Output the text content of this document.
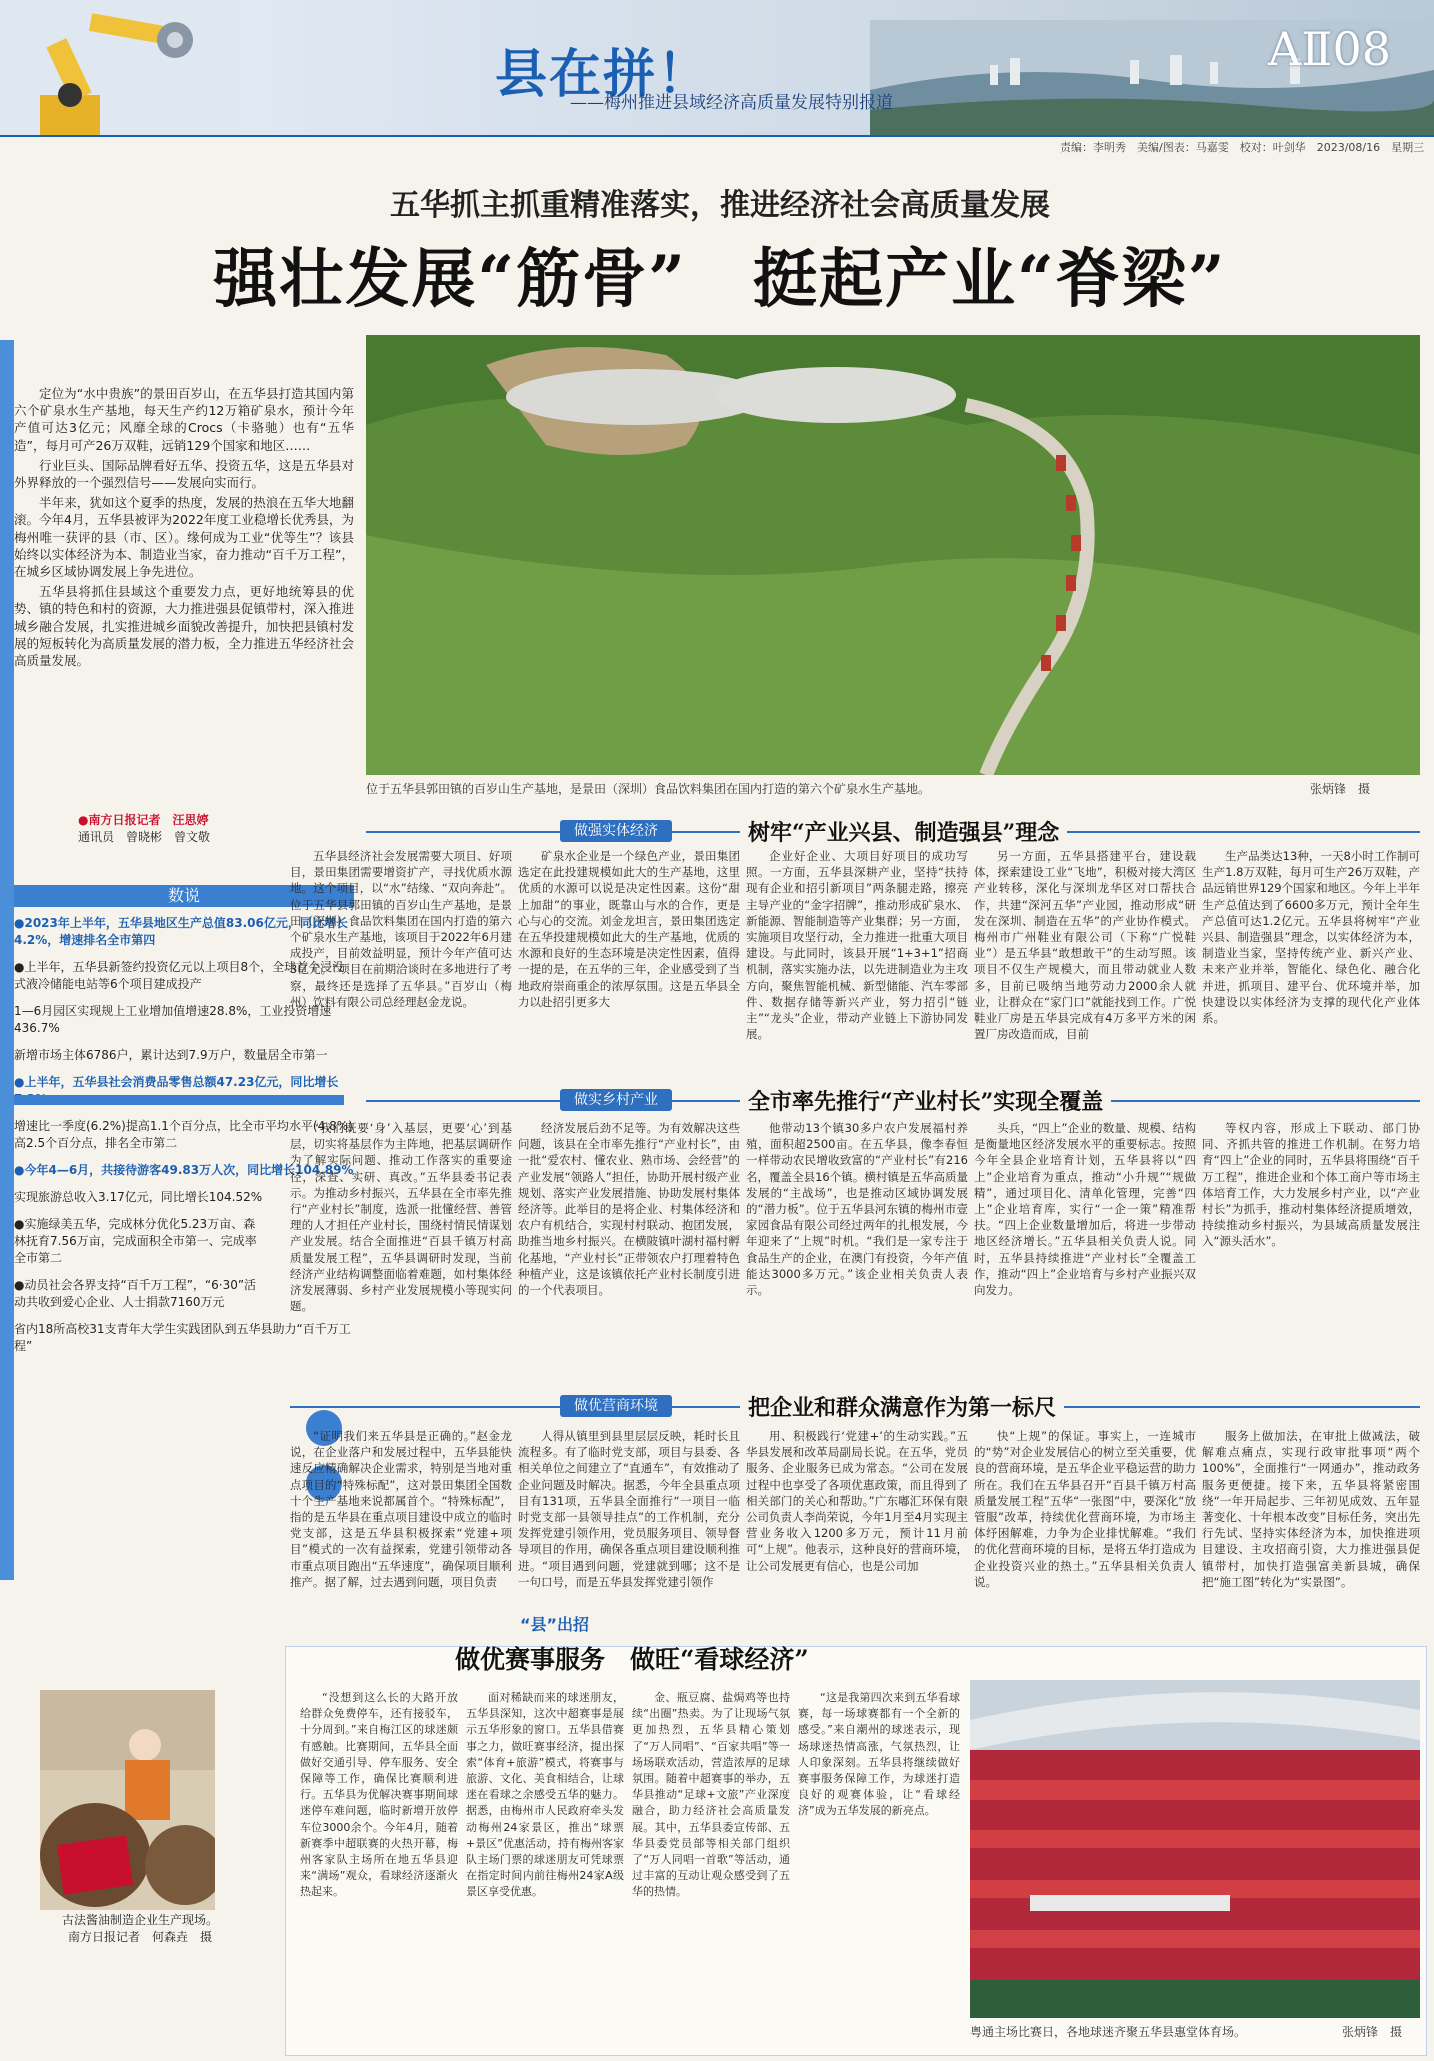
县在拼！
——梅州推进县域经济高质量发展特别报道
AⅡ08
责编：李明秀　美编/图表：马嘉雯　校对：叶剑华　2023/08/16　星期三
五华抓主抓重精准落实，推进经济社会高质量发展
强壮发展“筋骨”　挺起产业“脊梁”

定位为“水中贵族”的景田百岁山，在五华县打造其国内第六个矿泉水生产基地，每天生产约12万箱矿泉水，预计今年产值可达3亿元；风靡全球的Crocs（卡骆驰）也有“五华造”，每月可产26万双鞋，远销129个国家和地区……

行业巨头、国际品牌看好五华、投资五华，这是五华县对外界释放的一个强烈信号——发展向实而行。

半年来，犹如这个夏季的热度，发展的热浪在五华大地翻滚。今年4月，五华县被评为2022年度工业稳增长优秀县，为梅州唯一获评的县（市、区）。缘何成为工业“优等生”？该县始终以实体经济为本、制造业当家，奋力推动“百千万工程”，在城乡区域协调发展上争先进位。

五华县将抓住县域这个重要发力点，更好地统筹县的优势、镇的特色和村的资源，大力推进强县促镇带村，深入推进城乡融合发展，扎实推进城乡面貌改善提升，加快把县镇村发展的短板转化为高质量发展的潜力板，全力推进五华经济社会高质量发展。

●南方日报记者　汪思婷
通讯员　曾晓彬　曾文敬
数说
●2023年上半年，五华县地区生产总值83.06亿元，同比增长4.2%，增速排名全市第四
●上半年，五华县新签约投资亿元以上项目8个，全球首个浸没式液冷储能电站等6个项目建成投产
1—6月园区实现规上工业增加值增速28.8%，工业投资增速436.7%
新增市场主体6786户，累计达到7.9万户，数量居全市第一
●上半年，五华县社会消费品零售总额47.23亿元，同比增长
增速比一季度(6.2%)提高1.1个百分点，比全市平均水平(4.8%)高2.5个百分点，排名全市第二
●今年4—6月，共接待游客49.83万人次，同比增长104.89%
实现旅游总收入3.17亿元，同比增长104.52%
●实施绿美五华，完成林分优化5.23万亩、森林抚育7.56万亩，完成面积全市第一、完成率全市第二
●动员社会各界支持“百千万工程”，“6·30”活动共收到爱心企业、人士捐款7160万元
省内18所高校31支青年大学生实践团队到五华县助力“百千万工程”
位于五华县郭田镇的百岁山生产基地，是景田（深圳）食品饮料集团在国内打造的第六个矿泉水生产基地。	张炳锋　摄
做强实体经济	树牢“产业兴县、制造强县”理念

五华县经济社会发展需要大项目、好项目，景田集团需要增资扩产，寻找优质水源地。这个项目，以“水”结缘、“双向奔赴”。位于五华县郭田镇的百岁山生产基地，是景田（深圳）食品饮料集团在国内打造的第六个矿泉水生产基地，该项目于2022年6月建成投产，目前效益明显，预计今年产值可达3亿元。“项目在前期洽谈时在多地进行了考察，最终还是选择了五华县。”百岁山（梅州）饮料有限公司总经理赵金龙说。

矿泉水企业是一个绿色产业，景田集团选定在此投建规模如此大的生产基地，这里优质的水源可以说是决定性因素。这份“甜上加甜”的事业，既靠山与水的合作，更是心与心的交流。刘金龙坦言，景田集团选定在五华投建规模如此大的生产基地，优质的水源和良好的生态环境是决定性因素，值得一提的是，在五华的三年，企业感受到了当地政府崇商重企的浓厚氛围。这是五华县全力以赴招引更多大

企业好企业、大项目好项目的成功写照。一方面，五华县深耕产业，坚持“扶持现有企业和招引新项目”两条腿走路，擦亮主导产业的“金字招牌”，推动形成矿泉水、新能源、智能制造等产业集群；另一方面，实施项目攻坚行动，全力推进一批重大项目建设。与此同时，该县开展“1+3+1”招商机制，落实实施办法，以先进制造业为主攻方向，聚焦智能机械、新型储能、汽车零部件、数据存储等新兴产业，努力招引“链主”“龙头”企业，带动产业链上下游协同发展。

另一方面，五华县搭建平台，建设载体，探索建设工业“飞地”，积极对接大湾区产业转移，深化与深圳龙华区对口帮扶合作，共建“深河五华”产业园，推动形成“研发在深圳、制造在五华”的产业协作模式。梅州市广州鞋业有限公司（下称“广悦鞋业”）是五华县“敢想敢干”的生动写照。该项目不仅生产规模大，而且带动就业人数多，目前已吸纳当地劳动力2000余人就业，让群众在“家门口”就能找到工作。广悦鞋业厂房是五华县完成有4万多平方米的闲置厂房改造而成，目前

生产品类达13种，一天8小时工作制可生产1.8万双鞋，每月可生产26万双鞋，产品远销世界129个国家和地区。今年上半年生产总值达到了6600多万元，预计全年生产总值可达1.2亿元。五华县将树牢“产业兴县、制造强县”理念，以实体经济为本，制造业当家，坚持传统产业、新兴产业、未来产业并举，智能化、绿色化、融合化并进，抓项目、建平台、优环境并举，加快建设以实体经济为支撑的现代化产业体系。

做实乡村产业	全市率先推行“产业村长”实现全覆盖

“我们既要‘身’入基层，更要‘心’到基层，切实将基层作为主阵地，把基层调研作为了解实际问题、推动工作落实的重要途径，深查、实研、真改。”五华县委书记表示。为推动乡村振兴，五华县在全市率先推行“产业村长”制度，选派一批懂经营、善管理的人才担任产业村长，围绕村情民情谋划产业发展。结合全面推进“百县千镇万村高质量发展工程”，五华县调研时发现，当前经济产业结构调整面临着难题，如村集体经济发展薄弱、乡村产业发展规模小等现实问题。

经济发展后劲不足等。为有效解决这些问题，该县在全市率先推行“产业村长”，由一批“爱农村、懂农业、熟市场、会经营”的产业发展“领路人”担任，协助开展村级产业规划、落实产业发展措施、协助发展村集体经济等。此举目的是将企业、村集体经济和农户有机结合，实现村村联动、抱团发展，助推当地乡村振兴。在横陂镇叶湖村福村孵化基地，“产业村长”正带领农户打理着特色种植产业，这是该镇依托产业村长制度引进的一个代表项目。

他带动13个镇30多户农户发展福村养殖，面积超2500亩。在五华县，像李春恒一样带动农民增收致富的“产业村长”有216名，覆盖全县16个镇。横村镇是五华高质量发展的“主战场”，也是推动区域协调发展的“潜力板”。位于五华县河东镇的梅州市壹家园食品有限公司经过两年的扎根发展，今年迎来了“上规”时机。“我们是一家专注于食品生产的企业，在澳门有投资，今年产值能达3000多万元。”该企业相关负责人表示。

头兵，“四上”企业的数量、规模、结构是衡量地区经济发展水平的重要标志。按照今年全县企业培育计划，五华县将以“四上”企业培育为重点，推动“小升规”“规做精”，通过项目化、清单化管理，完善“四上”企业培育库，实行“一企一策”精准帮扶。“四上企业数量增加后，将进一步带动地区经济增长。”五华县相关负责人说。同时，五华县持续推进“产业村长”全覆盖工作，推动“四上”企业培育与乡村产业振兴双向发力。

等权内容，形成上下联动、部门协同、齐抓共管的推进工作机制。在努力培育“四上”企业的同时，五华县将围绕“百千万工程”，推进企业和个体工商户等市场主体培育工作，大力发展乡村产业，以“产业村长”为抓手，推动村集体经济提质增效，持续推动乡村振兴，为县域高质量发展注入“源头活水”。

做优营商环境	把企业和群众满意作为第一标尺

“证明我们来五华县是正确的。”赵金龙说，在企业落户和发展过程中，五华县能快速反应精确解决企业需求，特别是当地对重点项目的“特殊标配”，这对景田集团全国数十个生产基地来说都属首个。“特殊标配”，指的是五华县在重点项目建设中成立的临时党支部，这是五华县积极探索“党建+项目”模式的一次有益探索，党建引领带动各市重点项目跑出“五华速度”，确保项目顺利推产。据了解，过去遇到问题，项目负责

人得从镇里到县里层层反映，耗时长且流程多。有了临时党支部，项目与县委、各相关单位之间建立了“直通车”，有效推动了企业问题及时解决。据悉，今年全县重点项目有131项，五华县全面推行“一项目一临时党支部一县领导挂点”的工作机制，充分发挥党建引领作用，党员服务项目、领导督导项目的作用，确保各重点项目建设顺利推进。“项目遇到问题，党建就到哪；这不是一句口号，而是五华县发挥党建引领作

用、积极践行‘党建+’的生动实践。”五华县发展和改革局副局长说。在五华，党员服务、企业服务已成为常态。“公司在发展过程中也享受了各项优惠政策，而且得到了相关部门的关心和帮助。”广东嘟汇环保有限公司负责人李尚荣说，今年1月至4月实现主营业务收入1200多万元，预计11月前可“上规”。他表示，这种良好的营商环境，让公司发展更有信心，也是公司加

快“上规”的保证。事实上，一连城市的“势”对企业发展信心的树立至关重要，优良的营商环境，是五华企业平稳运营的助力所在。我们在五华县召开“百县千镇万村高质量发展工程”五华“一张图”中，要深化“放管服”改革，持续优化营商环境，为市场主体纾困解难，力争为企业排忧解难。“我们的优化营商环境的目标，是将五华打造成为企业投资兴业的热土。”五华县相关负责人说。

服务上做加法，在审批上做减法，破解难点痛点，实现行政审批事项“两个100%”，全面推行“一网通办”，推动政务服务更便捷。接下来，五华县将紧密围绕“一年开局起步、三年初见成效、五年显著变化、十年根本改变”目标任务，突出先行先试、坚持实体经济为本，加快推进项目建设、主攻招商引资，大力推进强县促镇带村，加快打造强富美新县城，确保把“施工图”转化为“实景图”。

“县”出招
做优赛事服务　做旺“看球经济”

“没想到这么长的大路开放给群众免费停车，还有接驳车，十分周到。”来自梅江区的球迷颇有感触。比赛期间，五华县全面做好交通引导、停车服务、安全保障等工作，确保比赛顺利进行。五华县为优解决赛事期间球迷停车难问题，临时新增开放停车位3000余个。今年4月，随着新赛季中超联赛的火热开幕，梅州客家队主场所在地五华县迎来“满场”观众，看球经济逐渐火热起来。

面对稀缺而来的球迷朋友，五华县深知，这次中超赛事是展示五华形象的窗口。五华县借赛事之力，做旺赛事经济，提出探索“体育+旅游”模式，将赛事与旅游、文化、美食相结合，让球迷在看球之余感受五华的魅力。据悉，由梅州市人民政府牵头发动梅州24家景区，推出“球票+景区”优惠活动，持有梅州客家队主场门票的球迷朋友可凭球票在指定时间内前往梅州24家A级景区享受优惠。

金、瓶豆腐、盐焗鸡等也持续“出圈”热卖。为了让现场气氛更加热烈，五华县精心策划了“万人同唱”、“百家共唱”等一场场联欢活动，营造浓厚的足球氛围。随着中超赛事的举办，五华县推动“足球+文旅”产业深度融合，助力经济社会高质量发展。其中，五华县委宣传部、五华县委党员部等相关部门组织了“万人同唱一首歌”等活动，通过丰富的互动让观众感受到了五华的热情。

“这是我第四次来到五华看球赛，每一场球赛都有一个全新的感受。”来自潮州的球迷表示，现场球迷热情高涨，气氛热烈，让人印象深刻。五华县将继续做好赛事服务保障工作，为球迷打造良好的观赛体验，让“看球经济”成为五华发展的新亮点。

粤通主场比赛日，各地球迷齐聚五华县惠堂体育场。	张炳锋　摄
古法酱油制造企业生产现场。
南方日报记者　何森垚　摄
